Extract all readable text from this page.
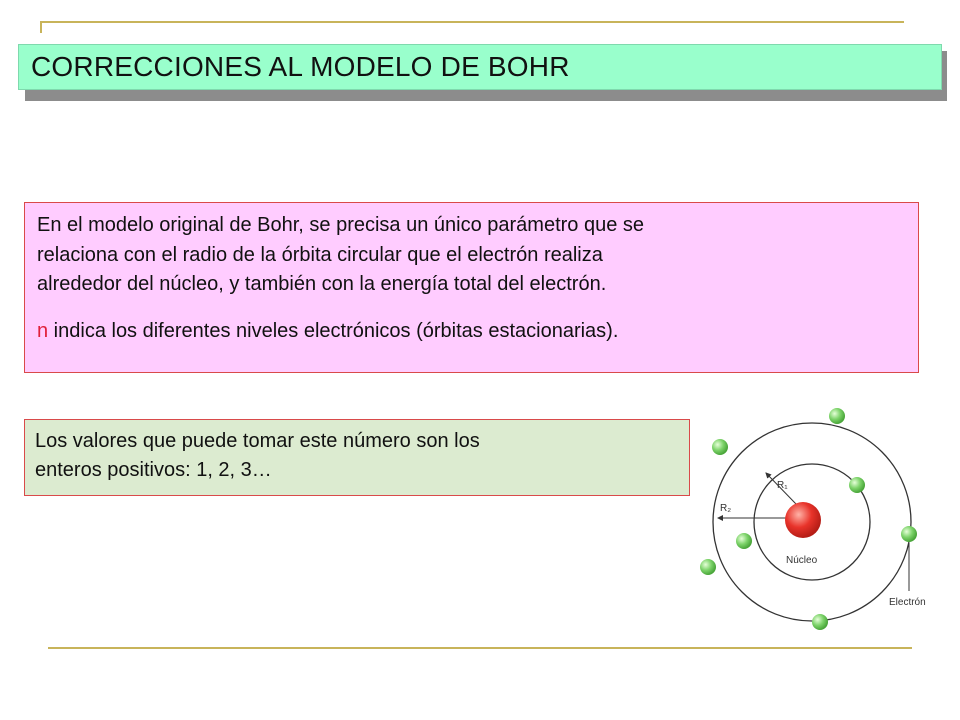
CORRECCIONES AL MODELO DE BOHR

En el modelo original de Bohr, se precisa un único parámetro que se

relaciona con el radio de la órbita circular que el electrón realiza

alrededor del núcleo, y también con la energía total del electrón.

n indica los diferentes niveles electrónicos (órbitas estacionarias).

Los valores que puede tomar este número son los
enteros positivos: 1, 2, 3…
R₁
R₂
Núcleo
Electrón
